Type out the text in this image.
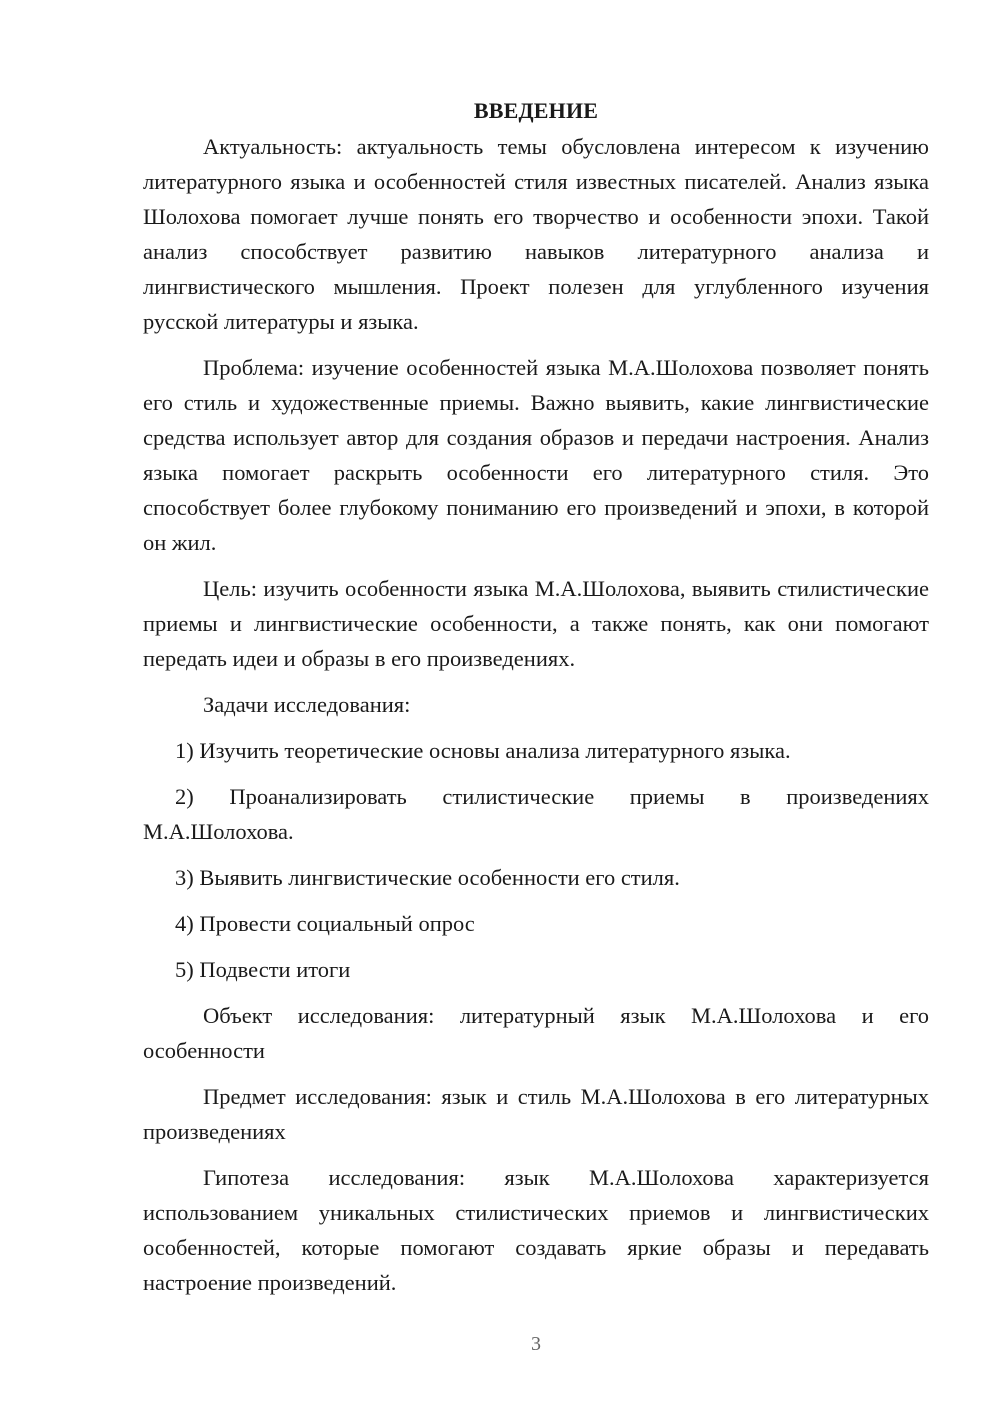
ВВЕДЕНИЕ

Актуальность: актуальность темы обусловлена интересом к изучению литературного языка и особенностей стиля известных писателей. Анализ языка Шолохова помогает лучше понять его творчество и особенности эпохи. Такой анализ способствует развитию навыков литературного анализа и лингвистического мышления. Проект полезен для углубленного изучения русской литературы и языка.

Проблема: изучение особенностей языка М.А.Шолохова позволяет понять его стиль и художественные приемы. Важно выявить, какие лингвистические средства использует автор для создания образов и передачи настроения. Анализ языка помогает раскрыть особенности его литературного стиля. Это способствует более глубокому пониманию его произведений и эпохи, в которой он жил.

Цель: изучить особенности языка М.А.Шолохова, выявить стилистические приемы и лингвистические особенности, а также понять, как они помогают передать идеи и образы в его произведениях.

Задачи исследования:

1) Изучить теоретические основы анализа литературного языка.

2) Проанализировать стилистические приемы в произведениях М.А.Шолохова.

3) Выявить лингвистические особенности его стиля.

4) Провести социальный опрос

5) Подвести итоги

Объект исследования: литературный язык М.А.Шолохова и его особенности

Предмет исследования: язык и стиль М.А.Шолохова в его литературных произведениях

Гипотеза исследования: язык М.А.Шолохова характеризуется использованием уникальных стилистических приемов и лингвистических особенностей, которые помогают создавать яркие образы и передавать настроение произведений.

3
